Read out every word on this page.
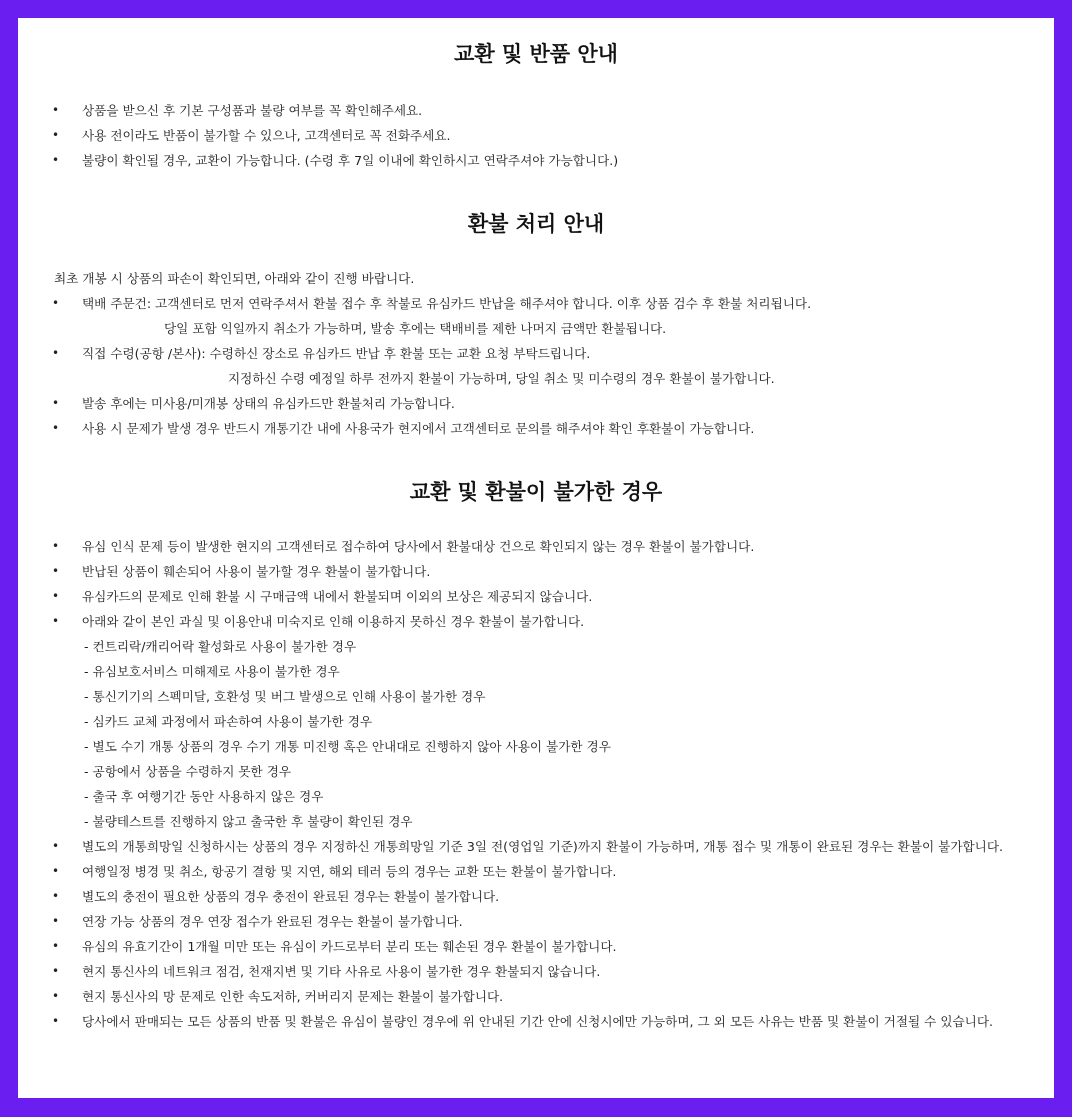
교환 및 반품 안내
• 상품을 받으신 후 기본 구성품과 불량 여부를 꼭 확인해주세요.
• 사용 전이라도 반품이 불가할 수 있으나, 고객센터로 꼭 전화주세요.
• 불량이 확인될 경우, 교환이 가능합니다. (수령 후 7일 이내에 확인하시고 연락주셔야 가능합니다.)
환불 처리 안내
최초 개봉 시 상품의 파손이 확인되면, 아래와 같이 진행 바랍니다.
• 택배 주문건: 고객센터로 먼저 연락주셔서 환불 접수 후 착불로 유심카드 반납을 해주셔야 합니다. 이후 상품 검수 후 환불 처리됩니다.
당일 포함 익일까지 취소가 가능하며, 발송 후에는 택배비를 제한 나머지 금액만 환불됩니다.
• 직접 수령(공항 /본사): 수령하신 장소로 유심카드 반납 후 환불 또는 교환 요청 부탁드립니다.
지정하신 수령 예정일 하루 전까지 환불이 가능하며, 당일 취소 및 미수령의 경우 환불이 불가합니다.
• 발송 후에는 미사용/미개봉 상태의 유심카드만 환불처리 가능합니다.
• 사용 시 문제가 발생 경우 반드시 개통기간 내에 사용국가 현지에서 고객센터로 문의를 해주셔야 확인 후환불이 가능합니다.
교환 및 환불이 불가한 경우
• 유심 인식 문제 등이 발생한 현지의 고객센터로 접수하여 당사에서 환불대상 건으로 확인되지 않는 경우 환불이 불가합니다.
• 반납된 상품이 훼손되어 사용이 불가할 경우 환불이 불가합니다.
• 유심카드의 문제로 인해 환불 시 구매금액 내에서 환불되며 이외의 보상은 제공되지 않습니다.
• 아래와 같이 본인 과실 및 이용안내 미숙지로 인해 이용하지 못하신 경우 환불이 불가합니다.
- 컨트리락/캐리어락 활성화로 사용이 불가한 경우
- 유심보호서비스 미해제로 사용이 불가한 경우
- 통신기기의 스펙미달, 호환성 및 버그 발생으로 인해 사용이 불가한 경우
- 심카드 교체 과정에서 파손하여 사용이 불가한 경우
- 별도 수기 개통 상품의 경우 수기 개통 미진행 혹은 안내대로 진행하지 않아 사용이 불가한 경우
- 공항에서 상품을 수령하지 못한 경우
- 출국 후 여행기간 동안 사용하지 않은 경우
- 불량테스트를 진행하지 않고 출국한 후 불량이 확인된 경우
• 별도의 개통희망일 신청하시는 상품의 경우 지정하신 개통희망일 기준 3일 전(영업일 기준)까지 환불이 가능하며, 개통 접수 및 개통이 완료된 경우는 환불이 불가합니다.
• 여행일정 병경 및 취소, 항공기 결항 및 지연, 해외 테러 등의 경우는 교환 또는 환불이 불가합니다.
• 별도의 충전이 필요한 상품의 경우 충전이 완료된 경우는 환불이 불가합니다.
• 연장 가능 상품의 경우 연장 접수가 완료된 경우는 환불이 불가합니다.
• 유심의 유효기간이 1개월 미만 또는 유심이 카드로부터 분리 또는 훼손된 경우 환불이 불가합니다.
• 현지 통신사의 네트워크 점검, 천재지변 및 기타 사유로 사용이 불가한 경우 환불되지 않습니다.
• 현지 통신사의 망 문제로 인한 속도저하, 커버리지 문제는 환불이 불가합니다.
• 당사에서 판매되는 모든 상품의 반품 및 환불은 유심이 불량인 경우에 위 안내된 기간 안에 신청시에만 가능하며, 그 외 모든 사유는 반품 및 환불이 거절될 수 있습니다.
